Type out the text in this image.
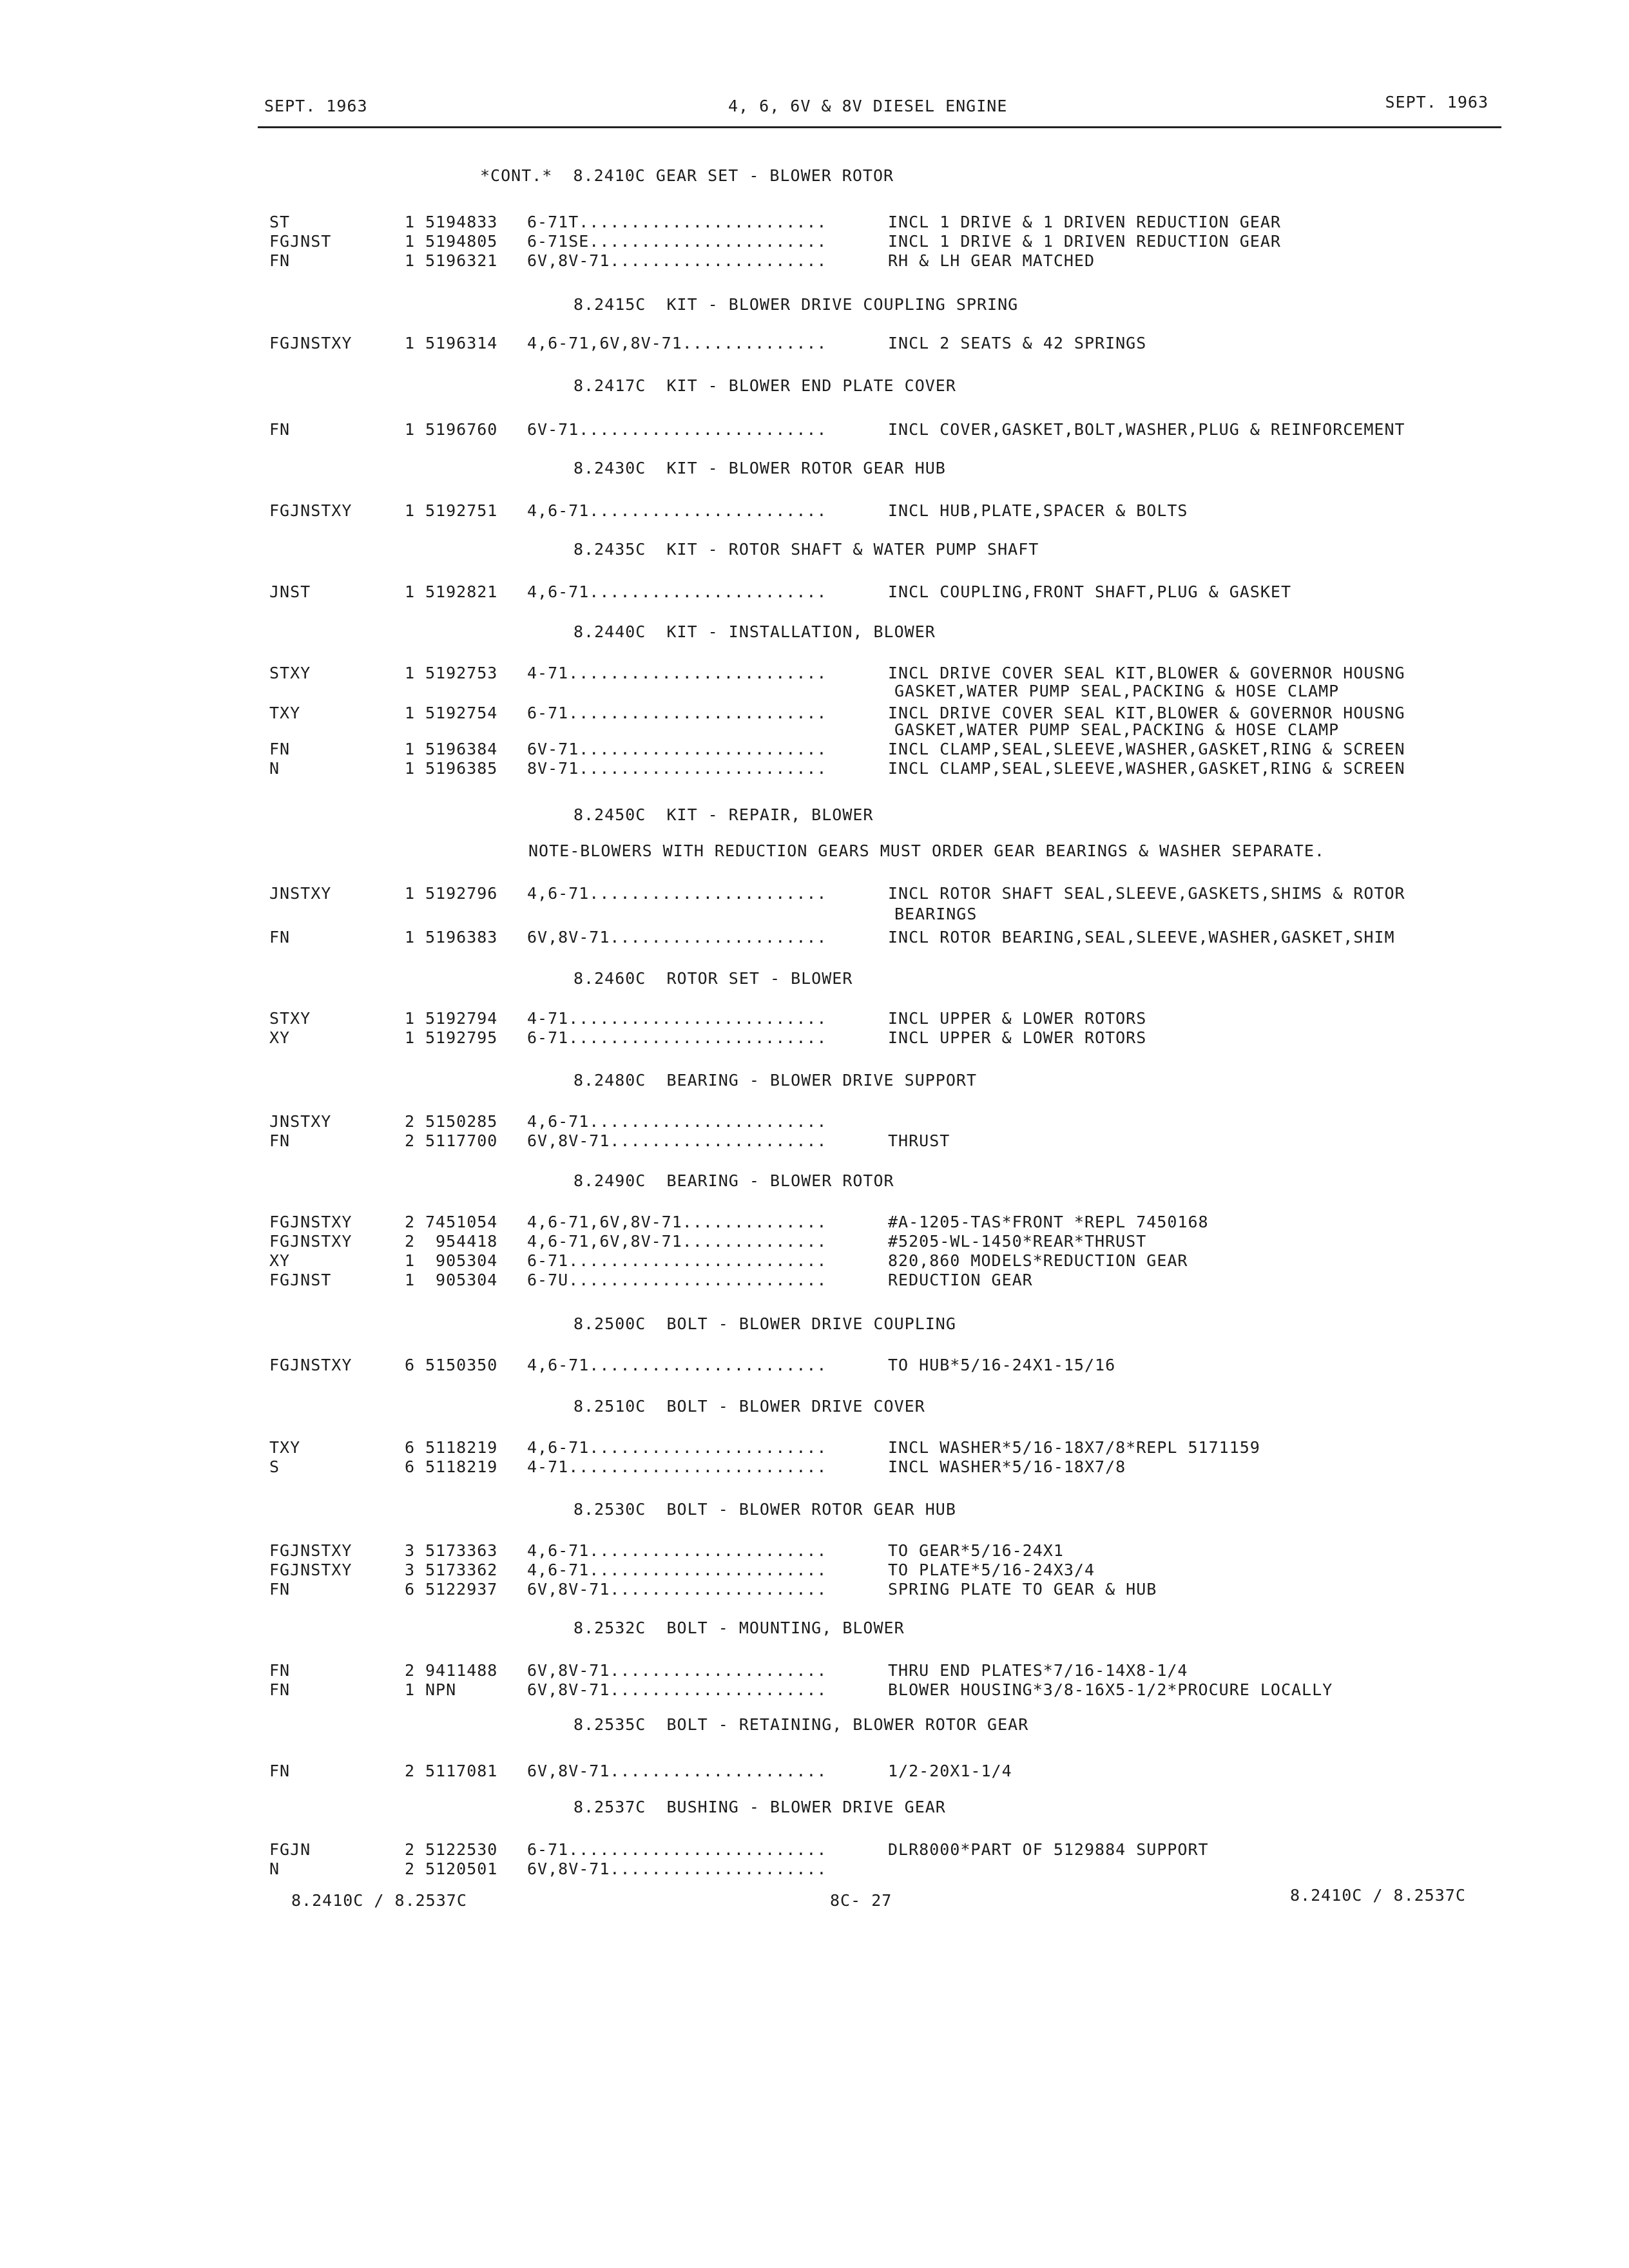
SEPT. 1963	4, 6, 6V & 8V DIESEL ENGINE	SEPT. 1963
*CONT.*  8.2410C GEAR SET - BLOWER ROTOR
ST	1 5194833 6-71T........................	INCL 1 DRIVE & 1 DRIVEN REDUCTION GEAR
FGJNST	1 5194805 6-71SE.......................	INCL 1 DRIVE & 1 DRIVEN REDUCTION GEAR
FN	1 5196321 6V,8V-71.....................	RH & LH GEAR MATCHED
8.2415C  KIT - BLOWER DRIVE COUPLING SPRING
FGJNSTXY	1 5196314 4,6-71,6V,8V-71..............	INCL 2 SEATS & 42 SPRINGS
8.2417C  KIT - BLOWER END PLATE COVER
FN	1 5196760 6V-71........................	INCL COVER,GASKET,BOLT,WASHER,PLUG & REINFORCEMENT
8.2430C  KIT - BLOWER ROTOR GEAR HUB
FGJNSTXY	1 5192751 4,6-71.......................	INCL HUB,PLATE,SPACER & BOLTS
8.2435C  KIT - ROTOR SHAFT & WATER PUMP SHAFT
JNST	1 5192821 4,6-71.......................	INCL COUPLING,FRONT SHAFT,PLUG & GASKET
8.2440C  KIT - INSTALLATION, BLOWER
STXY	1 5192753 4-71.........................	INCL DRIVE COVER SEAL KIT,BLOWER & GOVERNOR HOUSNG
GASKET,WATER PUMP SEAL,PACKING & HOSE CLAMP
TXY	1 5192754 6-71.........................	INCL DRIVE COVER SEAL KIT,BLOWER & GOVERNOR HOUSNG
GASKET,WATER PUMP SEAL,PACKING & HOSE CLAMP
FN	1 5196384 6V-71........................	INCL CLAMP,SEAL,SLEEVE,WASHER,GASKET,RING & SCREEN
N	1 5196385 8V-71........................	INCL CLAMP,SEAL,SLEEVE,WASHER,GASKET,RING & SCREEN
8.2450C  KIT - REPAIR, BLOWER
NOTE-BLOWERS WITH REDUCTION GEARS MUST ORDER GEAR BEARINGS & WASHER SEPARATE.
JNSTXY	1 5192796 4,6-71.......................	INCL ROTOR SHAFT SEAL,SLEEVE,GASKETS,SHIMS & ROTOR
BEARINGS
FN	1 5196383 6V,8V-71.....................	INCL ROTOR BEARING,SEAL,SLEEVE,WASHER,GASKET,SHIM
8.2460C  ROTOR SET - BLOWER
STXY	1 5192794 4-71.........................	INCL UPPER & LOWER ROTORS
XY	1 5192795 6-71.........................	INCL UPPER & LOWER ROTORS
8.2480C  BEARING - BLOWER DRIVE SUPPORT
JNSTXY	2 5150285 4,6-71.......................
FN	2 5117700 6V,8V-71.....................	THRUST
8.2490C  BEARING - BLOWER ROTOR
FGJNSTXY	2 7451054 4,6-71,6V,8V-71..............	#A-1205-TAS*FRONT *REPL 7450168
FGJNSTXY	2 954418 4,6-71,6V,8V-71..............	#5205-WL-1450*REAR*THRUST
XY	1 905304 6-71.........................	820,860 MODELS*REDUCTION GEAR
FGJNST	1 905304 6-7U.........................	REDUCTION GEAR
8.2500C  BOLT - BLOWER DRIVE COUPLING
FGJNSTXY	6 5150350 4,6-71.......................	TO HUB*5/16-24X1-15/16
8.2510C  BOLT - BLOWER DRIVE COVER
TXY	6 5118219 4,6-71.......................	INCL WASHER*5/16-18X7/8*REPL 5171159
S	6 5118219 4-71.........................	INCL WASHER*5/16-18X7/8
8.2530C  BOLT - BLOWER ROTOR GEAR HUB
FGJNSTXY	3 5173363 4,6-71.......................	TO GEAR*5/16-24X1
FGJNSTXY	3 5173362 4,6-71.......................	TO PLATE*5/16-24X3/4
FN	6 5122937 6V,8V-71.....................	SPRING PLATE TO GEAR & HUB
8.2532C  BOLT - MOUNTING, BLOWER
FN	2 9411488 6V,8V-71.....................	THRU END PLATES*7/16-14X8-1/4
FN	1 NPN 6V,8V-71.....................	BLOWER HOUSING*3/8-16X5-1/2*PROCURE LOCALLY
8.2535C  BOLT - RETAINING, BLOWER ROTOR GEAR
FN	2 5117081 6V,8V-71.....................	1/2-20X1-1/4
8.2537C  BUSHING - BLOWER DRIVE GEAR
FGJN	2 5122530 6-71.........................	DLR8000*PART OF 5129884 SUPPORT
N	2 5120501 6V,8V-71.....................
8.2410C / 8.2537C	8C- 27	8.2410C / 8.2537C
